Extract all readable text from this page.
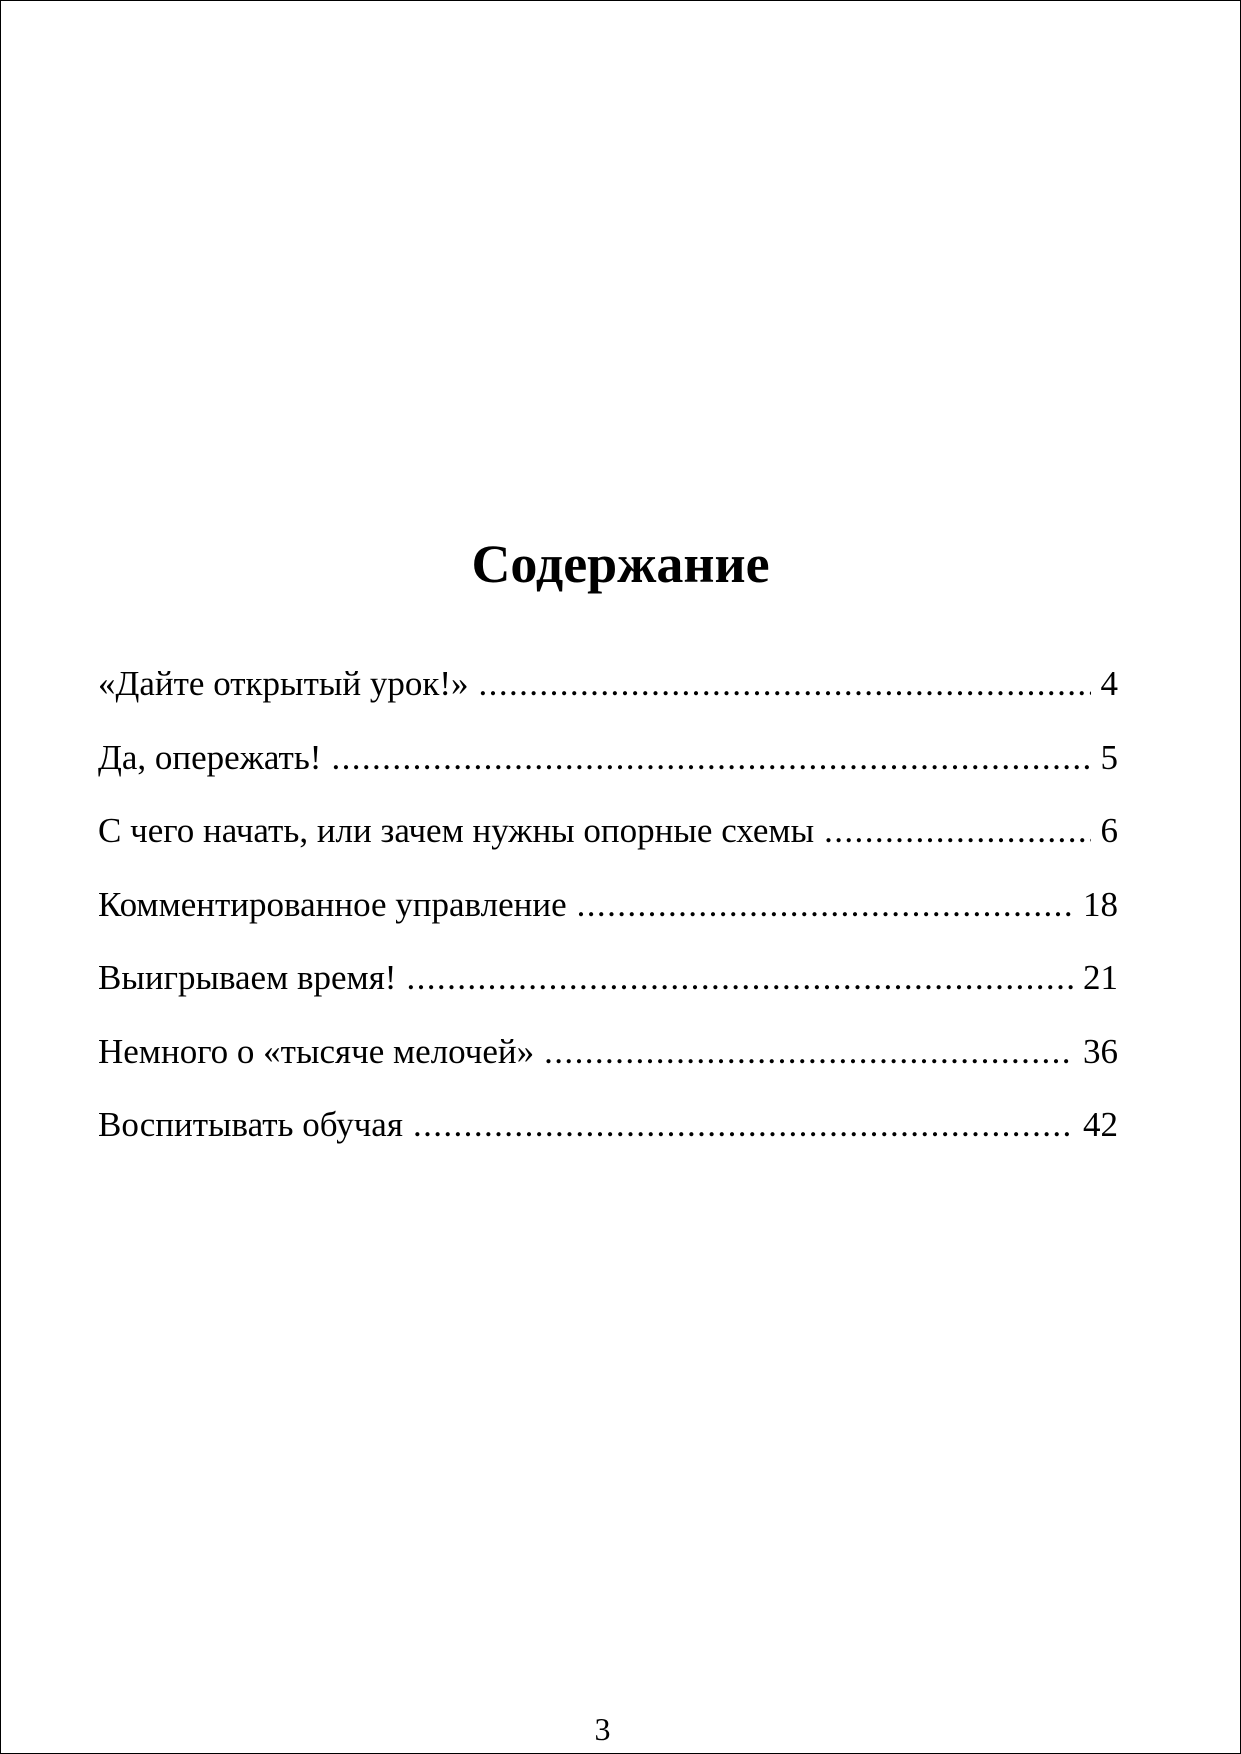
Содержание
«Дайте открытый урок!» .....	4
Да, опережать! .....	5
С чего начать, или зачем нужны опорные схемы .....	6
Комментированное управление .....	18
Выигрываем время! .....	21
Немного о «тысяче мелочей» .....	36
Воспитывать обучая .....	42
3
